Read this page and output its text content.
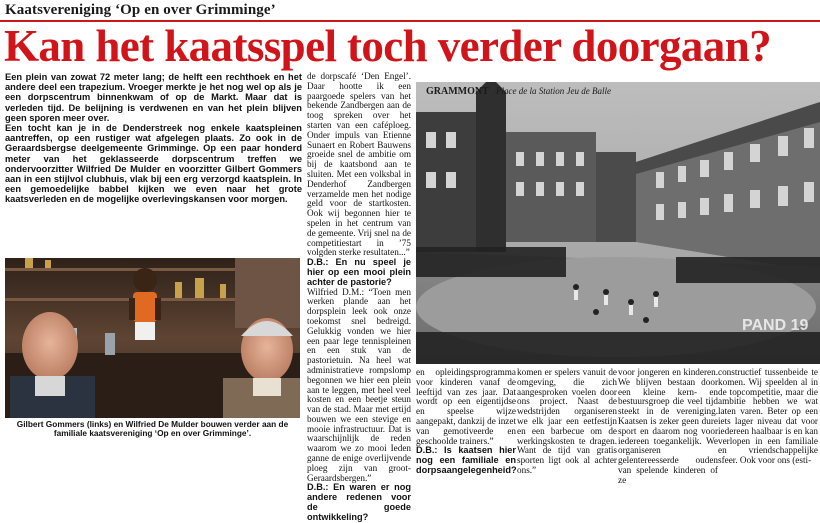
Kaatsvereniging ‘Op en over Grimminge’
Kan het kaatsspel toch verder doorgaan?

Een plein van zowat 72 meter lang; de helft een rechthoek en het andere deel een trapezium. Vroeger merkte je het nog wel op als je een dorpscentrum binnenkwam of op de Markt. Maar dat is verleden tijd. De belijning is verdwenen en van het plein blijven geen sporen meer over.

Een tocht kan je in de Denderstreek nog enkele kaatspleinen aantreffen, op een rustiger wat afgelegen plaats. Zo ook in de Geraardsbergse deelgemeente Grimminge. Op een paar honderd meter van het geklasseerde dorpscentrum treffen we ondervoorzitter Wilfried De Mulder en voorzitter Gilbert Gommers aan in een stijlvol clubhuis, vlak bij een erg verzorgd kaatsplein. In een gemoedelijke babbel kijken we even naar het grote kaatsverleden en de mogelijke overlevingskansen voor morgen.

Gilbert Gommers (links) en Wilfried De Mulder bouwen verder aan de familiale kaatsvereniging ‘Op en over Grimminge’.

de dorpscafé ‘Den Engel’. Daar hootte ik een paargoede spelers van het bekende Zandbergen aan de toog spreken over het starten van een caféploeg. Onder impuls van Etienne Sunaert en Robert Bauwens groeide snel de ambitie om bij de kaatsbond aan te sluiten. Met een volksbal in Denderhof Zandbergen verzamelde men het nodige geld voor de startkosten. Ook wij begonnen hier te spelen in het centrum van de gemeente. Vrij snel na de competitiestart in ’75 volgden sterke resultaten...”

D.B.: En nu speel je hier op een mooi plein achter de pastorie?

Wilfried D.M.: “Toen men werken plande aan het dorpsplein leek ook onze toekomst snel bedreigd. Gelukkig vonden we hier een paar lege tennispleinen en een stuk van de pastorietuin. Na heel wat administratieve rompslomp begonnen we hier een plein aan te leggen, met heel veel kosten en een beetje steun van de stad. Maar met ertijd bouwen we een stevige en mooie infrastructuur. Dat is waarschijnlijk de reden waarom we zo mooi Ieden ganne de enige overlijvende ploeg zijn van groot-Geraardsbergen.”

D.B.: En waren er nog andere redenen voor de goede ontwikkeling?

GRAMMONT Place de la Station Jeu de Balle
PAND 19

en opleidingsprogramma voor kinderen vanaf de leeftijd van zes jaar. Dat wordt op een eigentijdse en speelse wijze aangepakt, dankzij de inzet van gemotiveerde en geschoolde trainers.”

D.B.: Is kaatsen hier nog een familiale en dorpsaangelegenheid?

komen er spelers vanuit de omgeving, die zich aangesproken voelen door ons project. Naast de wedstrijden organiseren we elk jaar een eetfestijn en een barbecue om de werkingskosten te dragen. Want de tijd van gratis sporten ligt ook al achter ons.”

voor jongeren en kinderen. We blijven bestaan door een kleine kern- en bestuursgroep die veel tijd steekt in de vereniging. Kaatsen is zeker geen dure sport en daarom nog voor iedereen toegankelijk. We organiseren gelentereesserde ouden van spelende kinderen of ze

constructief tussenbeide te komen. Wij speelden al in de topcompetitie, maar die ambitie hebben we wat laten varen. Beter op een iets lager niveau dat voor iedereen haalbaar is en kan verlopen in een familiale en vriendschappelijke sfeer. Ook voor ons (esti-
